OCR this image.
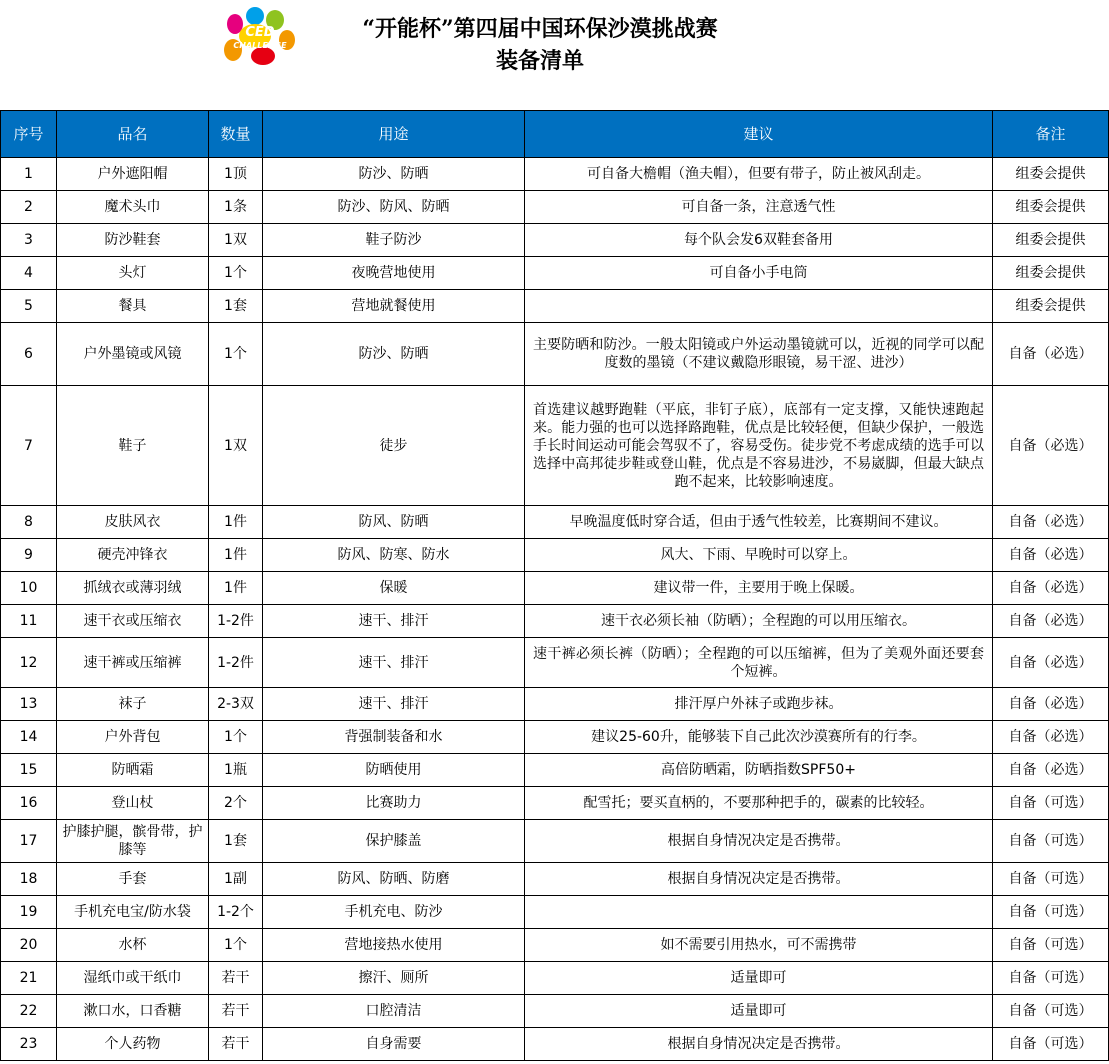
CED
CHALLENGE
“开能杯”第四届中国环保沙漠挑战赛
装备清单
序号	品名	数量	用途	建议	备注
1	户外遮阳帽	1顶	防沙、防晒	可自备大檐帽（渔夫帽），但要有带子，防止被风刮走。	组委会提供
2	魔术头巾	1条	防沙、防风、防晒	可自备一条，注意透气性	组委会提供
3	防沙鞋套	1双	鞋子防沙	每个队会发6双鞋套备用	组委会提供
4	头灯	1个	夜晚营地使用	可自备小手电筒	组委会提供
5	餐具	1套	营地就餐使用		组委会提供
6	户外墨镜或风镜	1个	防沙、防晒	主要防晒和防沙。一般太阳镜或户外运动墨镜就可以，近视的同学可以配度数的墨镜（不建议戴隐形眼镜，易干涩、进沙）	自备（必选）
7	鞋子	1双	徒步	首选建议越野跑鞋（平底，非钉子底），底部有一定支撑，又能快速跑起来。能力强的也可以选择路跑鞋，优点是比较轻便，但缺少保护，一般选手长时间运动可能会驾驭不了，容易受伤。徒步党不考虑成绩的选手可以选择中高邦徒步鞋或登山鞋，优点是不容易进沙，不易崴脚，但最大缺点跑不起来，比较影响速度。	自备（必选）
8	皮肤风衣	1件	防风、防晒	早晚温度低时穿合适，但由于透气性较差，比赛期间不建议。	自备（必选）
9	硬壳冲锋衣	1件	防风、防寒、防水	风大、下雨、早晚时可以穿上。	自备（必选）
10	抓绒衣或薄羽绒	1件	保暖	建议带一件，主要用于晚上保暖。	自备（必选）
11	速干衣或压缩衣	1-2件	速干、排汗	速干衣必须长袖（防晒）；全程跑的可以用压缩衣。	自备（必选）
12	速干裤或压缩裤	1-2件	速干、排汗	速干裤必须长裤（防晒）；全程跑的可以压缩裤，但为了美观外面还要套个短裤。	自备（必选）
13	袜子	2-3双	速干、排汗	排汗厚户外袜子或跑步袜。	自备（必选）
14	户外背包	1个	背强制装备和水	建议25-60升，能够装下自己此次沙漠赛所有的行李。	自备（必选）
15	防晒霜	1瓶	防晒使用	高倍防晒霜，防晒指数SPF50+	自备（必选）
16	登山杖	2个	比赛助力	配雪托；要买直柄的，不要那种把手的，碳素的比较轻。	自备（可选）
17	护膝护腿，髌骨带，护膝等	1套	保护膝盖	根据自身情况决定是否携带。	自备（可选）
18	手套	1副	防风、防晒、防磨	根据自身情况决定是否携带。	自备（可选）
19	手机充电宝/防水袋	1-2个	手机充电、防沙		自备（可选）
20	水杯	1个	营地接热水使用	如不需要引用热水，可不需携带	自备（可选）
21	湿纸巾或干纸巾	若干	擦汗、厕所	适量即可	自备（可选）
22	漱口水，口香糖	若干	口腔清洁	适量即可	自备（可选）
23	个人药物	若干	自身需要	根据自身情况决定是否携带。	自备（可选）
